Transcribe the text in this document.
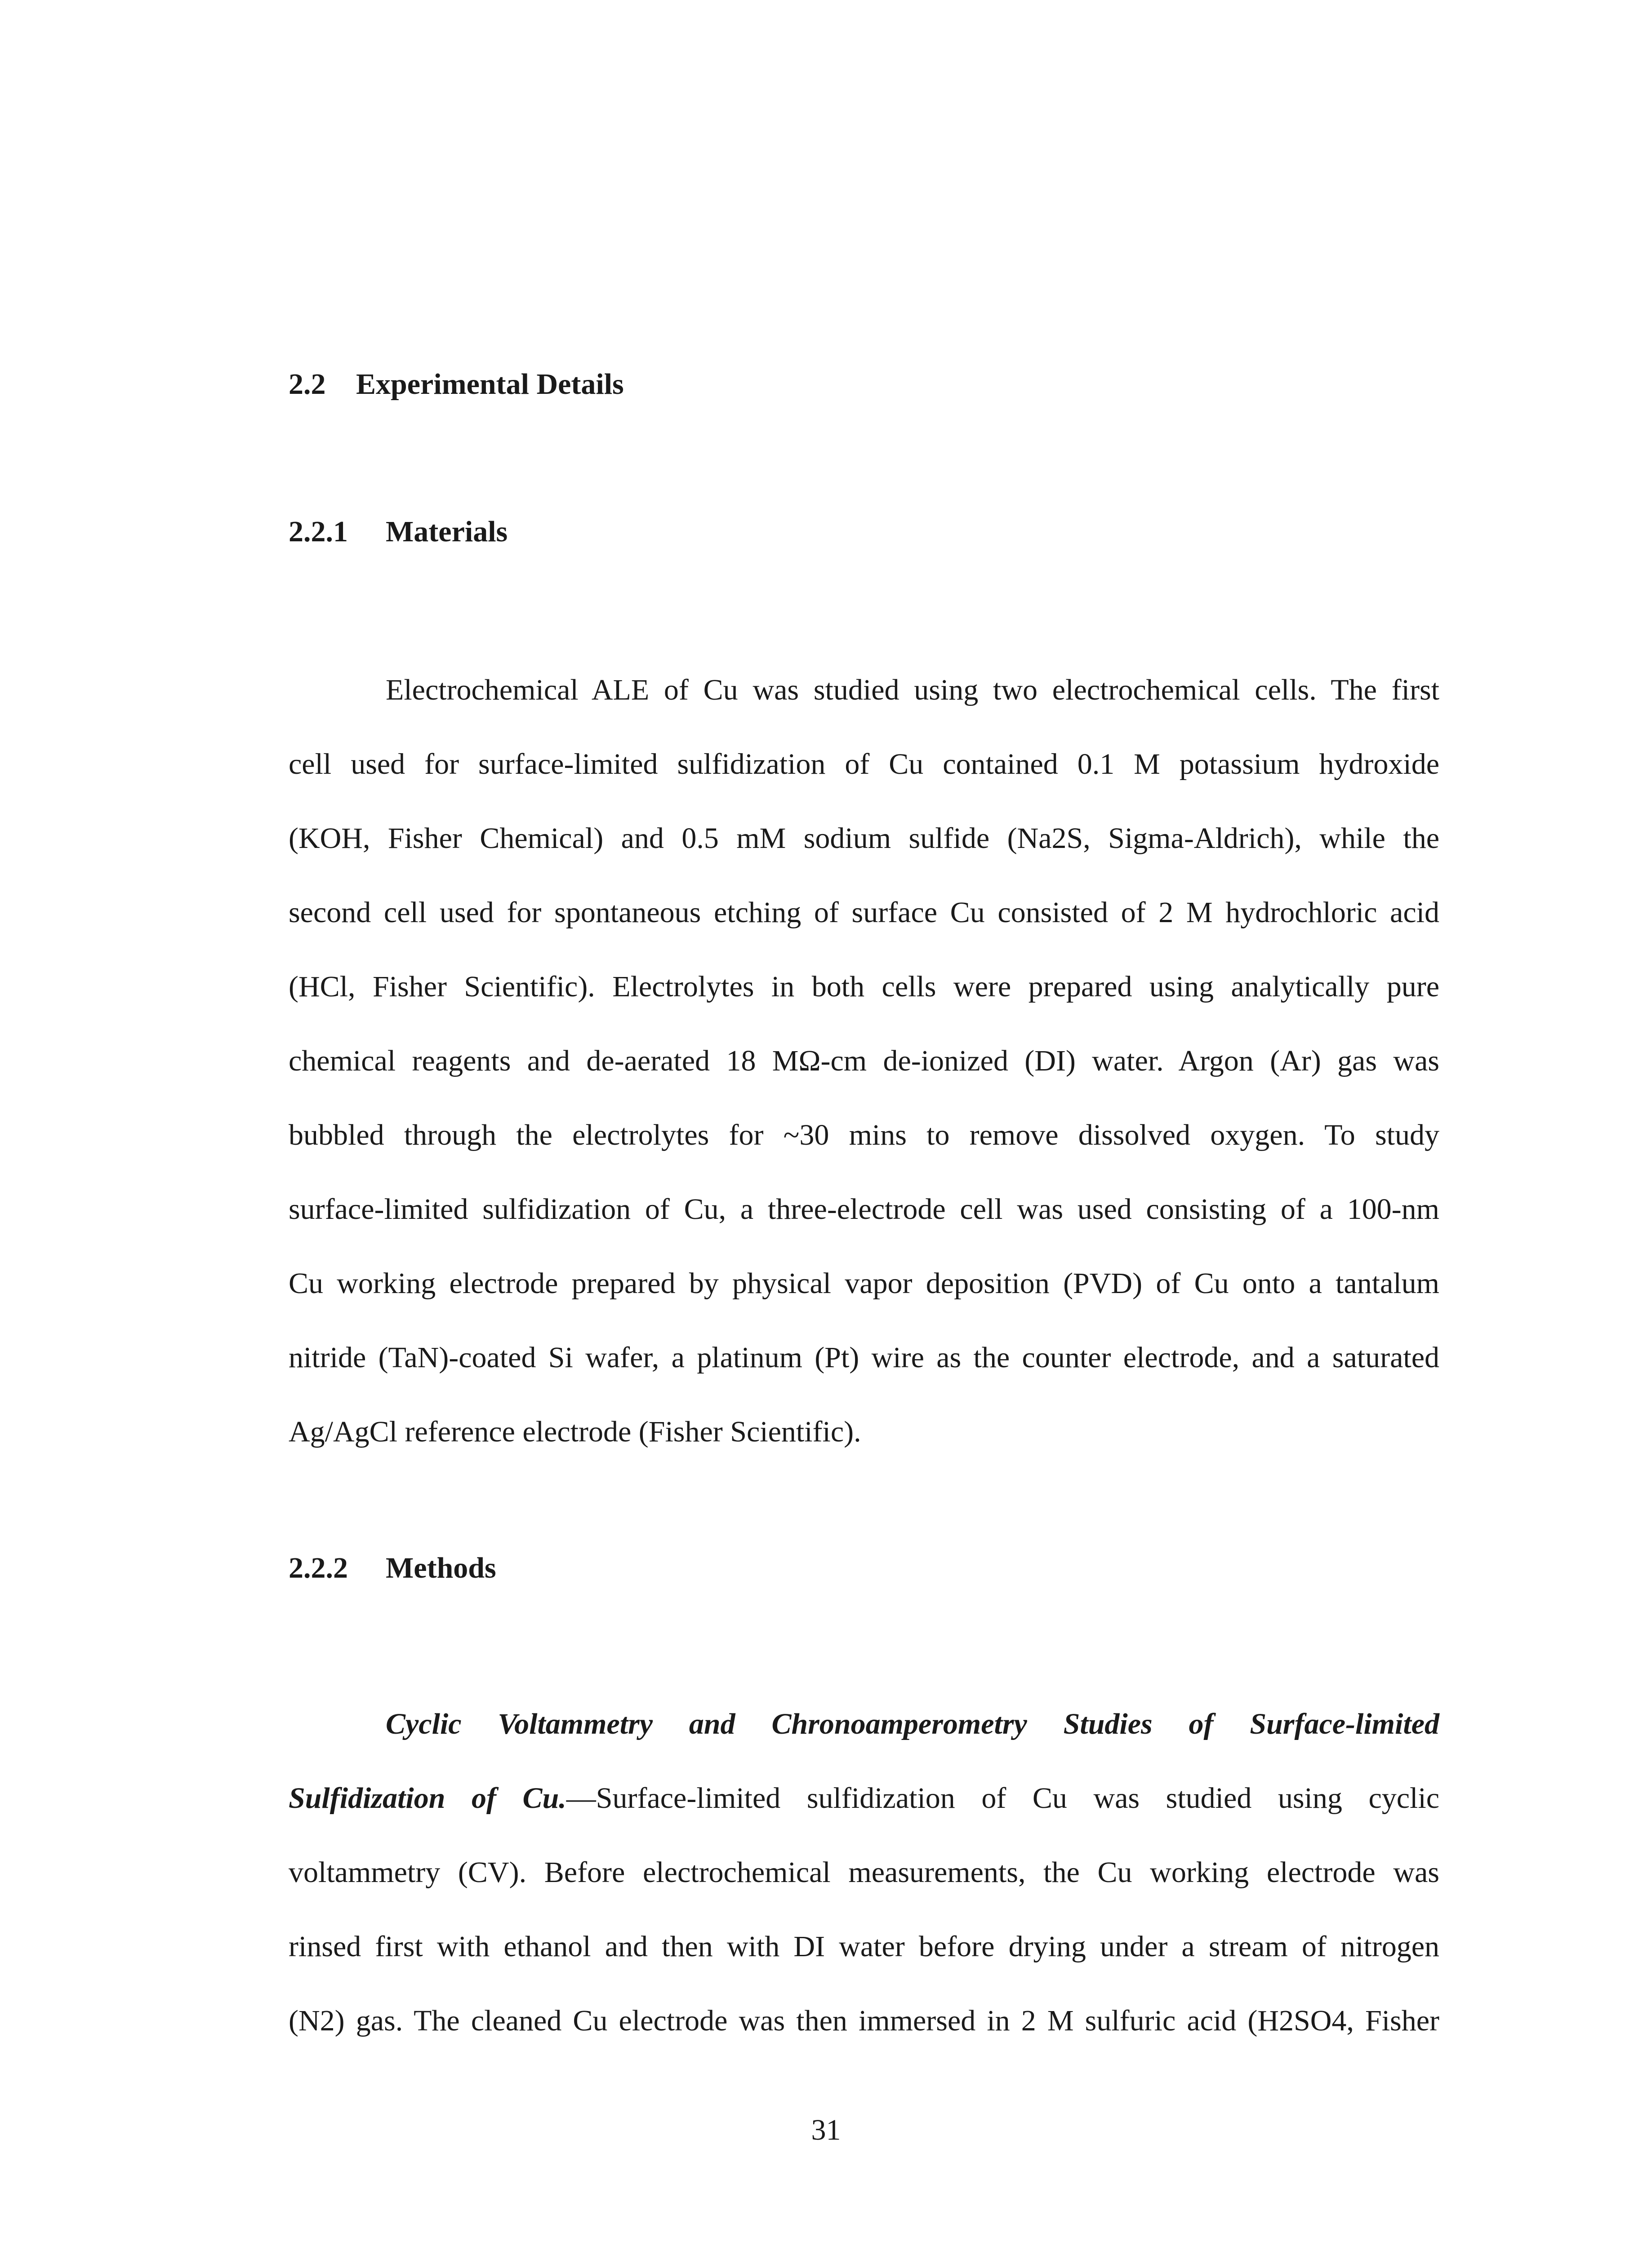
2.2 Experimental Details
2.2.1 Materials
Electrochemical ALE of Cu was studied using two electrochemical cells. The first
cell used for surface-limited sulfidization of Cu contained 0.1 M potassium hydroxide
(KOH, Fisher Chemical) and 0.5 mM sodium sulfide (Na2S, Sigma-Aldrich), while the
second cell used for spontaneous etching of surface Cu consisted of 2 M hydrochloric acid
(HCl, Fisher Scientific). Electrolytes in both cells were prepared using analytically pure
chemical reagents and de-aerated 18 MΩ-cm de-ionized (DI) water. Argon (Ar) gas was
bubbled through the electrolytes for ~30 mins to remove dissolved oxygen. To study
surface-limited sulfidization of Cu, a three-electrode cell was used consisting of a 100-nm
Cu working electrode prepared by physical vapor deposition (PVD) of Cu onto a tantalum
nitride (TaN)-coated Si wafer, a platinum (Pt) wire as the counter electrode, and a saturated
Ag/AgCl reference electrode (Fisher Scientific).
2.2.2 Methods
Cyclic Voltammetry and Chronoamperometry Studies of Surface-limited
Sulfidization of Cu.—Surface-limited sulfidization of Cu was studied using cyclic
voltammetry (CV). Before electrochemical measurements, the Cu working electrode was
rinsed first with ethanol and then with DI water before drying under a stream of nitrogen
(N2) gas. The cleaned Cu electrode was then immersed in 2 M sulfuric acid (H2SO4, Fisher
31
